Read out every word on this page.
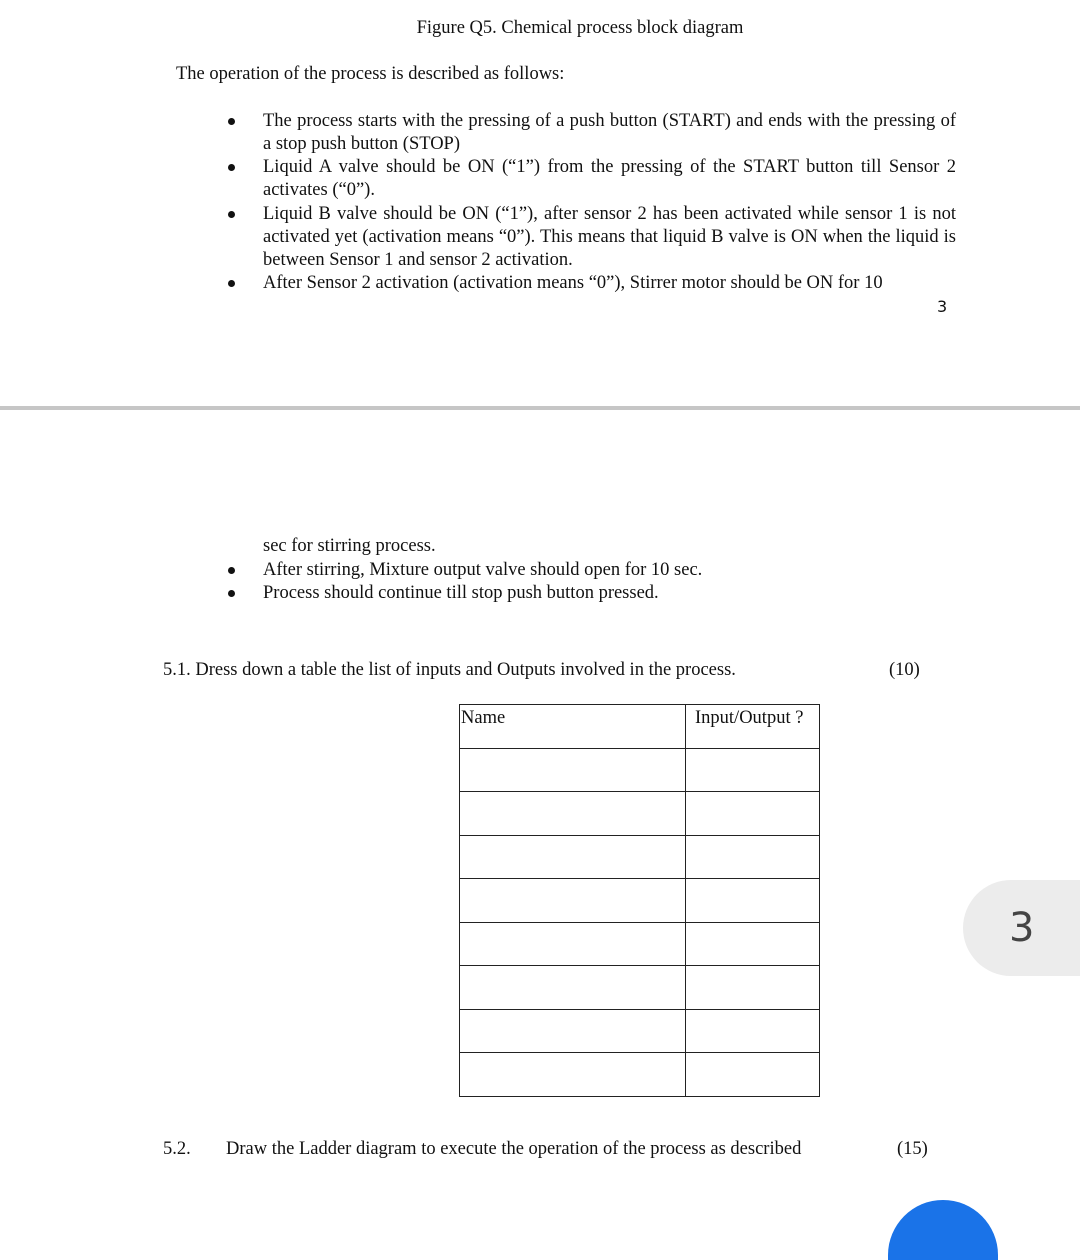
Figure Q5. Chemical process block diagram
The operation of the process is described as follows:
The process starts with the pressing of a push button (START) and ends with the pressing of a stop push button (STOP)
Liquid A valve should be ON (“1”) from the pressing of the START button till Sensor 2 activates (“0”).
Liquid B valve should be ON (“1”), after sensor 2 has been activated while sensor 1 is not activated yet (activation means “0”). This means that liquid B valve is ON when the liquid is between Sensor 1 and sensor 2 activation.
After Sensor 2 activation (activation means “0”), Stirrer motor should be ON for 10
3
sec for stirring process.
After stirring, Mixture output valve should open for 10 sec.
Process should continue till stop push button pressed.
5.1. Dress down a table the list of inputs and Outputs involved in the process.	(10)
Name	Input/Output ?

5.2. Draw the Ladder diagram to execute the operation of the process as described	(15)
3
